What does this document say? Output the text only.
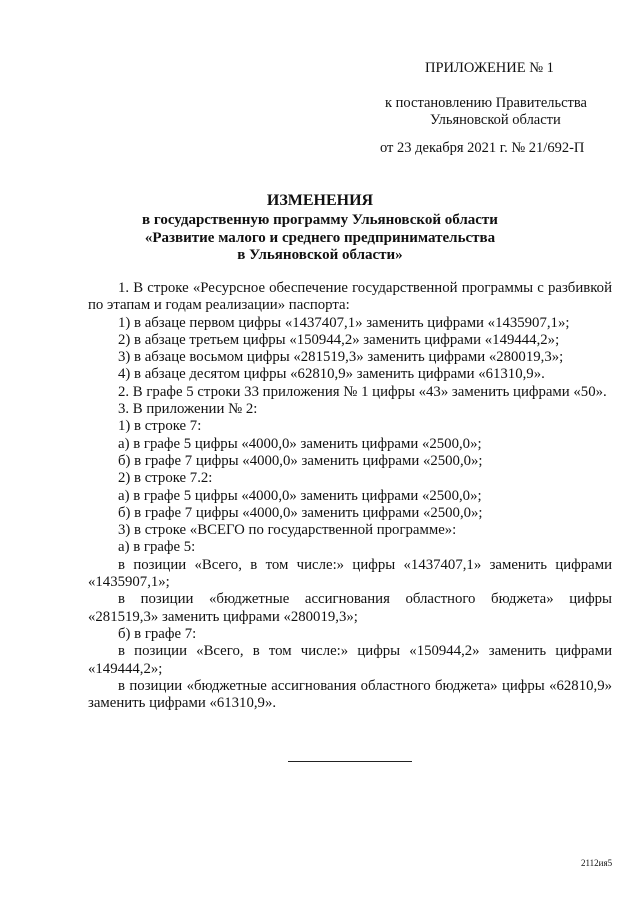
ПРИЛОЖЕНИЕ № 1
к постановлению Правительства
Ульяновской области
от 23 декабря 2021 г. № 21/692-П
ИЗМЕНЕНИЯ
в государственную программу Ульяновской области
«Развитие малого и среднего предпринимательства
в Ульяновской области»

1. В строке «Ресурсное обеспечение государственной программы с разбивкой по этапам и годам реализации» паспорта:

1) в абзаце первом цифры «1437407,1» заменить цифрами «1435907,1»;

2) в абзаце третьем цифры «150944,2» заменить цифрами «149444,2»;

3) в абзаце восьмом цифры «281519,3» заменить цифрами «280019,3»;

4) в абзаце десятом цифры «62810,9» заменить цифрами «61310,9».

2. В графе 5 строки 33 приложения № 1 цифры «43» заменить цифрами «50».

3. В приложении № 2:

1) в строке 7:

а) в графе 5 цифры «4000,0» заменить цифрами «2500,0»;

б) в графе 7 цифры «4000,0» заменить цифрами «2500,0»;

2) в строке 7.2:

а) в графе 5 цифры «4000,0» заменить цифрами «2500,0»;

б) в графе 7 цифры «4000,0» заменить цифрами «2500,0»;

3) в строке «ВСЕГО по государственной программе»:

а) в графе 5:

в позиции «Всего, в том числе:» цифры «1437407,1» заменить цифрами «1435907,1»;

в позиции «бюджетные ассигнования областного бюджета» цифры «281519,3» заменить цифрами «280019,3»;

б) в графе 7:

в позиции «Всего, в том числе:» цифры «150944,2» заменить цифрами «149444,2»;

в позиции «бюджетные ассигнования областного бюджета» цифры «62810,9» заменить цифрами «61310,9».

2112ия5
